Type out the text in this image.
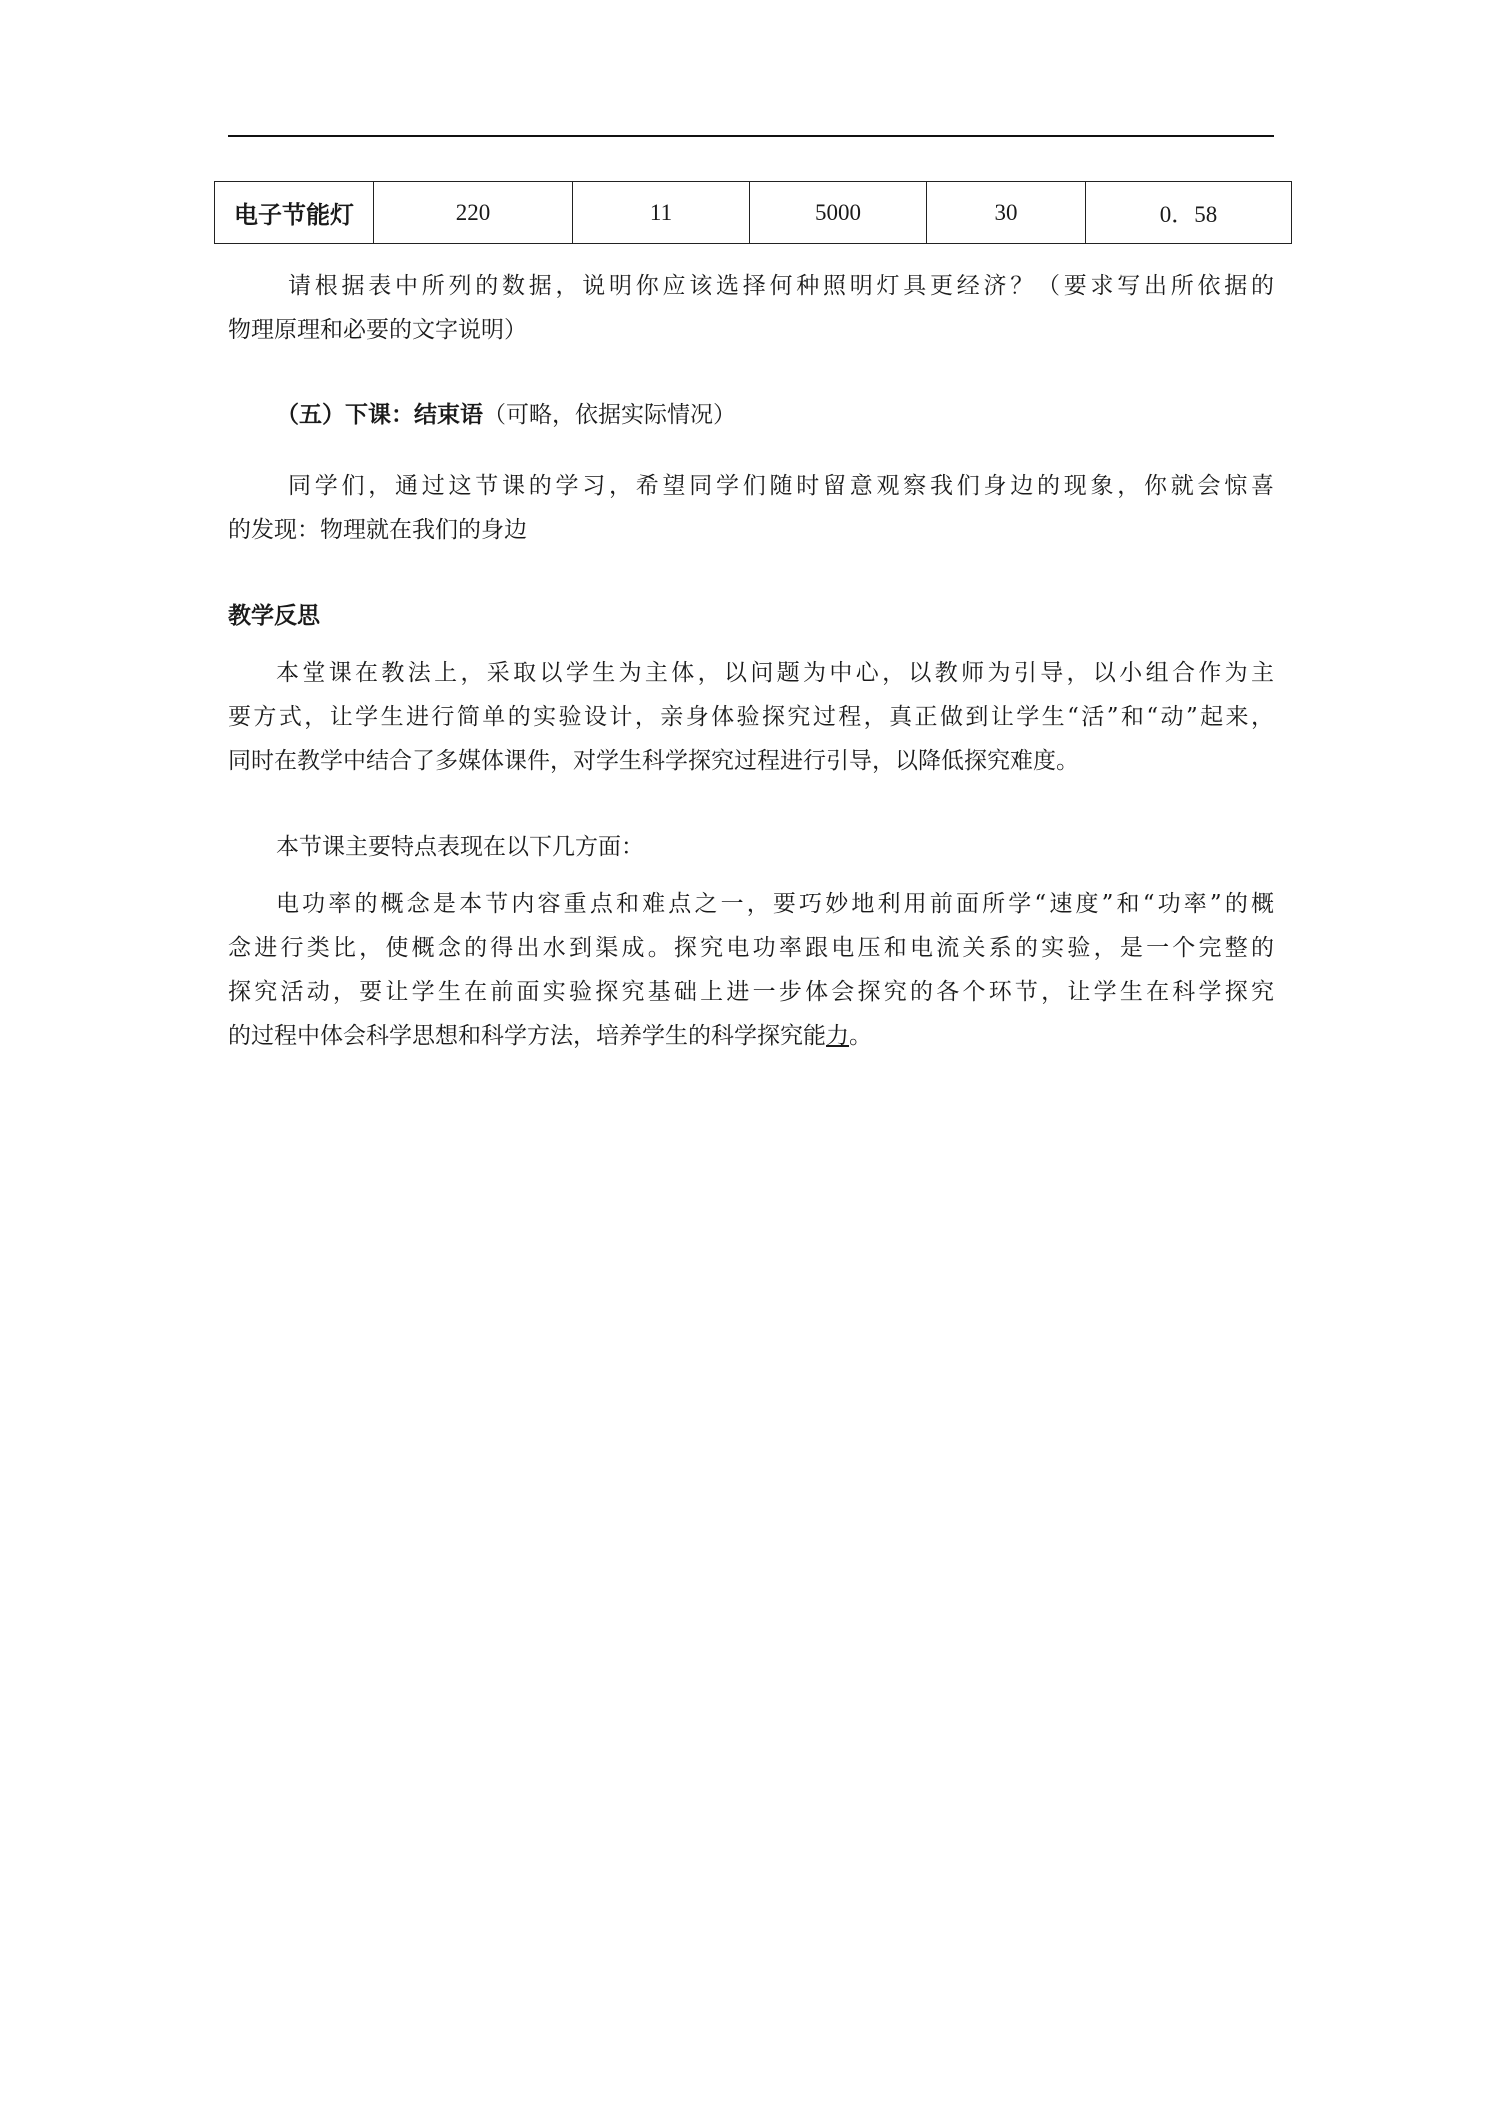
电子节能灯	220	11	5000	30	0．58
请根据表中所列的数据，说明你应该选择何种照明灯具更经济？（要求写出所依据的
物理原理和必要的文字说明）
（五）下课：结束语（可略，依据实际情况）
同学们，通过这节课的学习，希望同学们随时留意观察我们身边的现象，你就会惊喜
的发现：物理就在我们的身边
教学反思
本堂课在教法上，采取以学生为主体，以问题为中心，以教师为引导，以小组合作为主
要方式，让学生进行简单的实验设计，亲身体验探究过程，真正做到让学生“活”和“动”起来，
同时在教学中结合了多媒体课件，对学生科学探究过程进行引导，以降低探究难度。
本节课主要特点表现在以下几方面：
电功率的概念是本节内容重点和难点之一，要巧妙地利用前面所学“速度”和“功率”的概
念进行类比，使概念的得出水到渠成。探究电功率跟电压和电流关系的实验，是一个完整的
探究活动，要让学生在前面实验探究基础上进一步体会探究的各个环节，让学生在科学探究
的过程中体会科学思想和科学方法，培养学生的科学探究能力。
